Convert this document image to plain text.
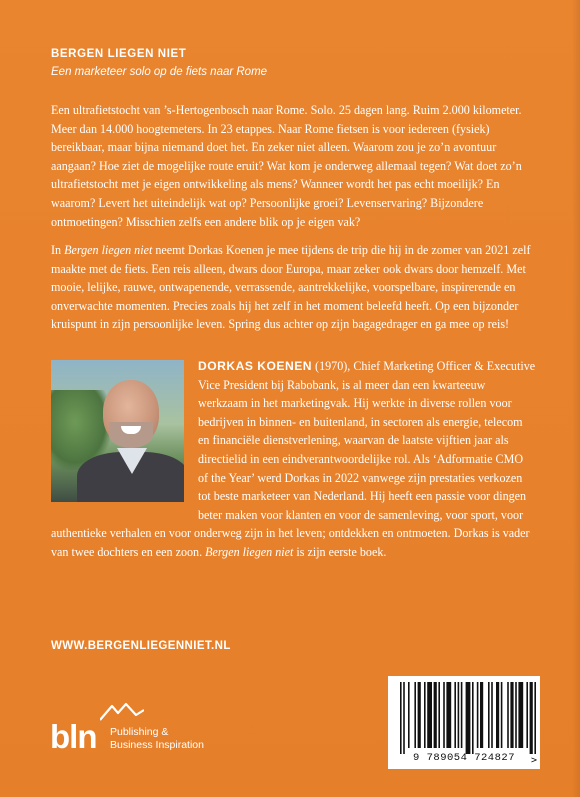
BERGEN LIEGEN NIET
Een marketeer solo op de fiets naar Rome
Een ultrafietstocht van ’s-Hertogenbosch naar Rome. Solo. 25 dagen lang. Ruim 2.000 kilometer. Meer dan 14.000 hoogtemeters. In 23 etappes. Naar Rome fietsen is voor iedereen (fysiek) bereikbaar, maar bijna niemand doet het. En zeker niet alleen. Waarom zou je zo’n avontuur aangaan? Hoe ziet de mogelijke route eruit? Wat kom je onderweg allemaal tegen? Wat doet zo’n ultrafietstocht met je eigen ontwikkeling als mens? Wanneer wordt het pas echt moeilijk? En waarom? Levert het uiteindelijk wat op? Persoonlijke groei? Levenservaring? Bijzondere ontmoetingen? Misschien zelfs een andere blik op je eigen vak?
In Bergen liegen niet neemt Dorkas Koenen je mee tijdens de trip die hij in de zomer van 2021 zelf maakte met de fiets. Een reis alleen, dwars door Europa, maar zeker ook dwars door hemzelf. Met mooie, lelijke, rauwe, ontwapenende, verrassende, aantrekkelijke, voorspelbare, inspirerende en onverwachte momenten. Precies zoals hij het zelf in het moment beleefd heeft. Op een bijzonder kruispunt in zijn persoonlijke leven. Spring dus achter op zijn bagagedrager en ga mee op reis!
DORKAS KOENEN (1970), Chief Marketing Officer & Executive Vice President bij Rabobank, is al meer dan een kwarteeuw werkzaam in het marketingvak. Hij werkte in diverse rollen voor bedrijven in binnen- en buitenland, in sectoren als energie, telecom en financiële dienstverlening, waarvan de laatste vijftien jaar als directielid in een eindverantwoordelijke rol. Als ‘Adformatie CMO of the Year’ werd Dorkas in 2022 vanwege zijn prestaties verkozen tot beste marketeer van Nederland. Hij heeft een passie voor dingen beter maken voor klanten en voor de samenleving, voor sport, voor authentieke verhalen en voor onderweg zijn in het leven; ontdekken en ontmoeten. Dorkas is vader van twee dochters en een zoon. Bergen liegen niet is zijn eerste boek.
WWW.BERGENLIEGENNIET.NL
bln Publishing &
Business Inspiration
>
9 789054 724827
